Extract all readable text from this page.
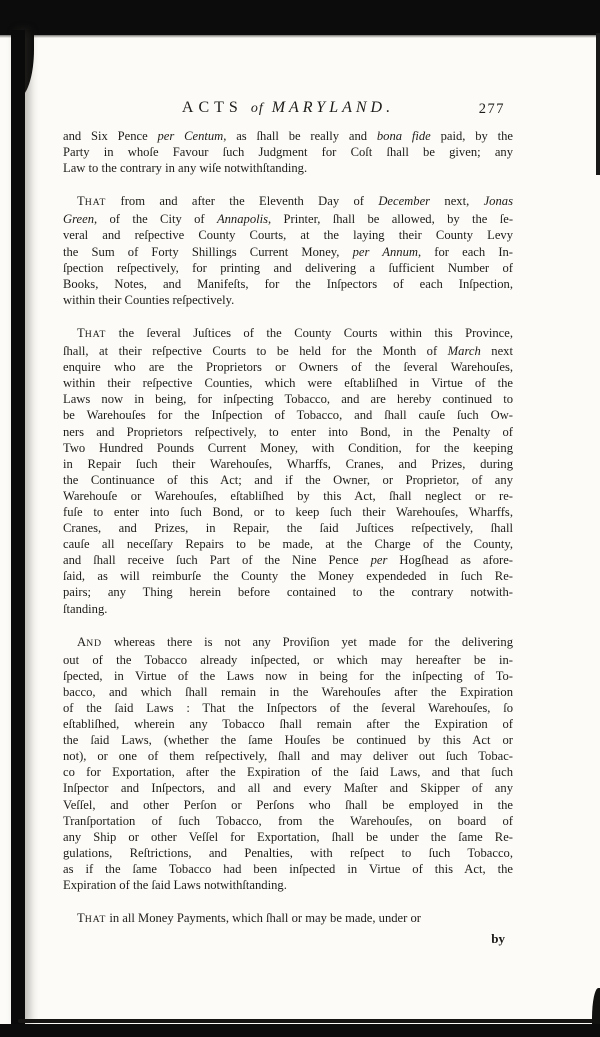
ACTS of MARYLAND.	277
and Six Pence per Centum, as ſhall be really and bona fide paid, by the
Party in whoſe Favour ſuch Judgment for Coſt ſhall be given; any
Law to the contrary in any wiſe notwithſtanding.
THAT from and after the Eleventh Day of December next, Jonas
Green, of the City of Annapolis, Printer, ſhall be allowed, by the ſe-
veral and reſpective County Courts, at the laying their County Levy
the Sum of Forty Shillings Current Money, per Annum, for each In-
ſpection reſpectively, for printing and delivering a ſufficient Number of
Books, Notes, and Manifeſts, for the Inſpectors of each Inſpection,
within their Counties reſpectively.
THAT the ſeveral Juſtices of the County Courts within this Province,
ſhall, at their reſpective Courts to be held for the Month of March next
enquire who are the Proprietors or Owners of the ſeveral Warehouſes,
within their reſpective Counties, which were eſtabliſhed in Virtue of the
Laws now in being, for inſpecting Tobacco, and are hereby continued to
be Warehouſes for the Inſpection of Tobacco, and ſhall cauſe ſuch Ow-
ners and Proprietors reſpectively, to enter into Bond, in the Penalty of
Two Hundred Pounds Current Money, with Condition, for the keeping
in Repair ſuch their Warehouſes, Wharffs, Cranes, and Prizes, during
the Continuance of this Act; and if the Owner, or Proprietor, of any
Warehouſe or Warehouſes, eſtabliſhed by this Act, ſhall neglect or re-
fuſe to enter into ſuch Bond, or to keep ſuch their Warehouſes, Wharffs,
Cranes, and Prizes, in Repair, the ſaid Juſtices reſpectively, ſhall
cauſe all neceſſary Repairs to be made, at the Charge of the County,
and ſhall receive ſuch Part of the Nine Pence per Hogſhead as afore-
ſaid, as will reimburſe the County the Money expendeded in ſuch Re-
pairs; any Thing herein before contained to the contrary notwith-
ſtanding.
AND whereas there is not any Proviſion yet made for the delivering
out of the Tobacco already inſpected, or which may hereafter be in-
ſpected, in Virtue of the Laws now in being for the inſpecting of To-
bacco, and which ſhall remain in the Warehouſes after the Expiration
of the ſaid Laws : That the Inſpectors of the ſeveral Warehouſes, ſo
eſtabliſhed, wherein any Tobacco ſhall remain after the Expiration of
the ſaid Laws, (whether the ſame Houſes be continued by this Act or
not), or one of them reſpectively, ſhall and may deliver out ſuch Tobac-
co for Exportation, after the Expiration of the ſaid Laws, and that ſuch
Inſpector and Inſpectors, and all and every Maſter and Skipper of any
Veſſel, and other Perſon or Perſons who ſhall be employed in the
Tranſportation of ſuch Tobacco, from the Warehouſes, on board of
any Ship or other Veſſel for Exportation, ſhall be under the ſame Re-
gulations, Reſtrictions, and Penalties, with reſpect to ſuch Tobacco,
as if the ſame Tobacco had been inſpected in Virtue of this Act, the
Expiration of the ſaid Laws notwithſtanding.
THAT in all Money Payments, which ſhall or may be made, under or
by
